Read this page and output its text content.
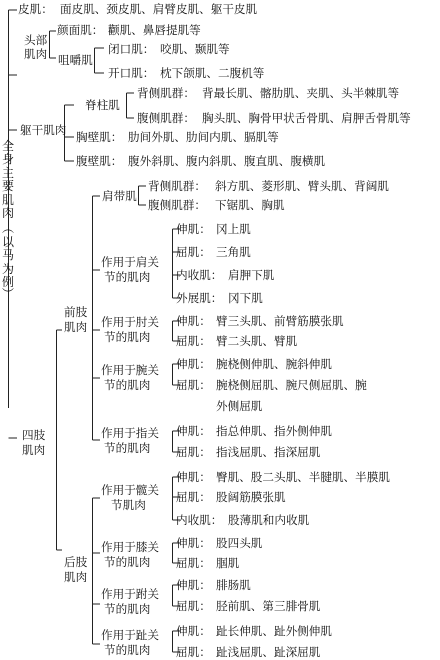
全
身
主
要
肌
肉
︵
以
马
为
例
︶
皮肌： 面皮肌、颈皮肌、肩臂皮肌、躯干皮肌
头部
肌肉
颜面肌： 颧肌、鼻唇提肌等
咀嚼肌
闭口肌： 咬肌、颞肌等
开口肌： 枕下颌肌、二腹机等
躯干肌肉
脊柱肌
背侧肌群： 背最长肌、髂肋肌、夹肌、头半棘肌等
腹侧肌群： 胸头肌、胸骨甲状舌骨肌、肩胛舌骨肌等
胸壁肌： 肋间外肌、肋间内肌、膈肌等
腹壁肌： 腹外斜肌、腹内斜肌、腹直肌、腹横肌
四肢
肌肉
前肢
肌肉
肩带肌
背侧肌群： 斜方肌、菱形肌、臂头肌、背阔肌
腹侧肌群： 下锯肌、胸肌
作用于肩关
节的肌肉
伸肌： 冈上肌
屈肌： 三角肌
内收肌： 肩胛下肌
外展肌： 冈下肌
作用于肘关
节的肌肉
伸肌： 臂三头肌、前臂筋膜张肌
屈肌： 臂二头肌、臂肌
作用于腕关
节的肌肉
伸肌： 腕桡侧伸肌、腕斜伸肌
屈肌： 腕桡侧屈肌、腕尺侧屈肌、腕
外侧屈肌
作用于指关
节的肌肉
伸肌： 指总伸肌、指外侧伸肌
屈肌： 指浅屈肌、指深屈肌
后肢
肌肉
作用于髋关
节肌肉
伸肌： 臀肌、股二头肌、半腱肌、半膜肌
屈肌： 股阔筋膜张肌
内收肌： 股薄肌和内收肌
作用于膝关
节的肌肉
伸肌： 股四头肌
屈肌： 腘肌
作用于跗关
节的肌肉
伸肌： 腓肠肌
屈肌： 胫前肌、第三腓骨肌
作用于趾关
节的肌肉
伸肌： 趾长伸肌、趾外侧伸肌
屈肌： 趾浅屈肌、趾深屈肌
